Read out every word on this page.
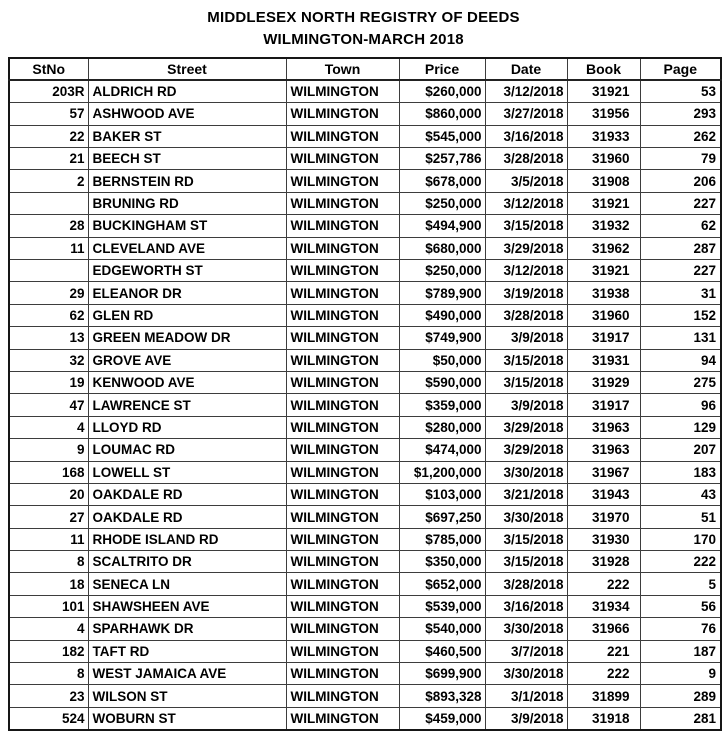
MIDDLESEX NORTH REGISTRY OF DEEDS
WILMINGTON-MARCH 2018
StNo	Street	Town	Price	Date	Book	Page
203R	ALDRICH RD	WILMINGTON	$260,000	3/12/2018	31921	53
57	ASHWOOD AVE	WILMINGTON	$860,000	3/27/2018	31956	293
22	BAKER ST	WILMINGTON	$545,000	3/16/2018	31933	262
21	BEECH ST	WILMINGTON	$257,786	3/28/2018	31960	79
2	BERNSTEIN RD	WILMINGTON	$678,000	3/5/2018	31908	206
	BRUNING RD	WILMINGTON	$250,000	3/12/2018	31921	227
28	BUCKINGHAM ST	WILMINGTON	$494,900	3/15/2018	31932	62
11	CLEVELAND AVE	WILMINGTON	$680,000	3/29/2018	31962	287
	EDGEWORTH ST	WILMINGTON	$250,000	3/12/2018	31921	227
29	ELEANOR DR	WILMINGTON	$789,900	3/19/2018	31938	31
62	GLEN RD	WILMINGTON	$490,000	3/28/2018	31960	152
13	GREEN MEADOW DR	WILMINGTON	$749,900	3/9/2018	31917	131
32	GROVE AVE	WILMINGTON	$50,000	3/15/2018	31931	94
19	KENWOOD AVE	WILMINGTON	$590,000	3/15/2018	31929	275
47	LAWRENCE ST	WILMINGTON	$359,000	3/9/2018	31917	96
4	LLOYD RD	WILMINGTON	$280,000	3/29/2018	31963	129
9	LOUMAC RD	WILMINGTON	$474,000	3/29/2018	31963	207
168	LOWELL ST	WILMINGTON	$1,200,000	3/30/2018	31967	183
20	OAKDALE RD	WILMINGTON	$103,000	3/21/2018	31943	43
27	OAKDALE RD	WILMINGTON	$697,250	3/30/2018	31970	51
11	RHODE ISLAND RD	WILMINGTON	$785,000	3/15/2018	31930	170
8	SCALTRITO DR	WILMINGTON	$350,000	3/15/2018	31928	222
18	SENECA LN	WILMINGTON	$652,000	3/28/2018	222	5
101	SHAWSHEEN AVE	WILMINGTON	$539,000	3/16/2018	31934	56
4	SPARHAWK DR	WILMINGTON	$540,000	3/30/2018	31966	76
182	TAFT RD	WILMINGTON	$460,500	3/7/2018	221	187
8	WEST JAMAICA AVE	WILMINGTON	$699,900	3/30/2018	222	9
23	WILSON ST	WILMINGTON	$893,328	3/1/2018	31899	289
524	WOBURN ST	WILMINGTON	$459,000	3/9/2018	31918	281
